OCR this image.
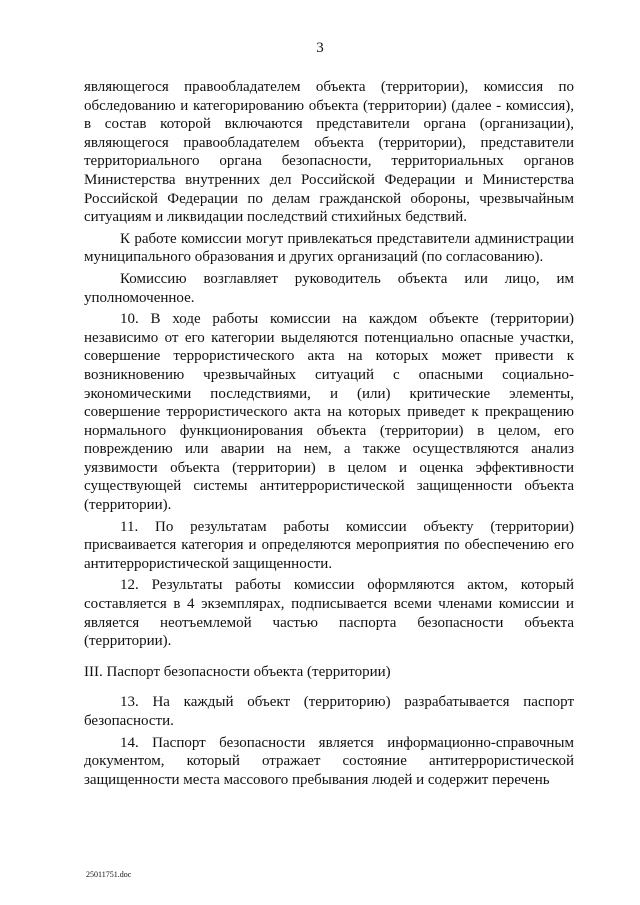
3

являющегося правообладателем объекта (территории), комиссия по обследованию и категорированию объекта (территории) (далее - комиссия), в состав которой включаются представители органа (организации), являющегося правообладателем объекта (территории), представители территориального органа безопасности, территориальных органов Министерства внутренних дел Российской Федерации и Министерства Российской Федерации по делам гражданской обороны, чрезвычайным ситуациям и ликвидации последствий стихийных бедствий.

К работе комиссии могут привлекаться представители администрации муниципального образования и других организаций (по согласованию).

Комиссию возглавляет руководитель объекта или лицо, им уполномоченное.

10. В ходе работы комиссии на каждом объекте (территории) независимо от его категории выделяются потенциально опасные участки, совершение террористического акта на которых может привести к возникновению чрезвычайных ситуаций с опасными социально-экономическими последствиями, и (или) критические элементы, совершение террористического акта на которых приведет к прекращению нормального функционирования объекта (территории) в целом, его повреждению или аварии на нем, а также осуществляются анализ уязвимости объекта (территории) в целом и оценка эффективности существующей системы антитеррористической защищенности объекта (территории).

11. По результатам работы комиссии объекту (территории) присваивается категория и определяются мероприятия по обеспечению его антитеррористической защищенности.

12. Результаты работы комиссии оформляются актом, который составляется в 4 экземплярах, подписывается всеми членами комиссии и является неотъемлемой частью паспорта безопасности объекта (территории).

III. Паспорт безопасности объекта (территории)

13. На каждый объект (территорию) разрабатывается паспорт безопасности.

14. Паспорт безопасности является информационно-справочным документом, который отражает состояние антитеррористической защищенности места массового пребывания людей и содержит перечень

25011751.doc
